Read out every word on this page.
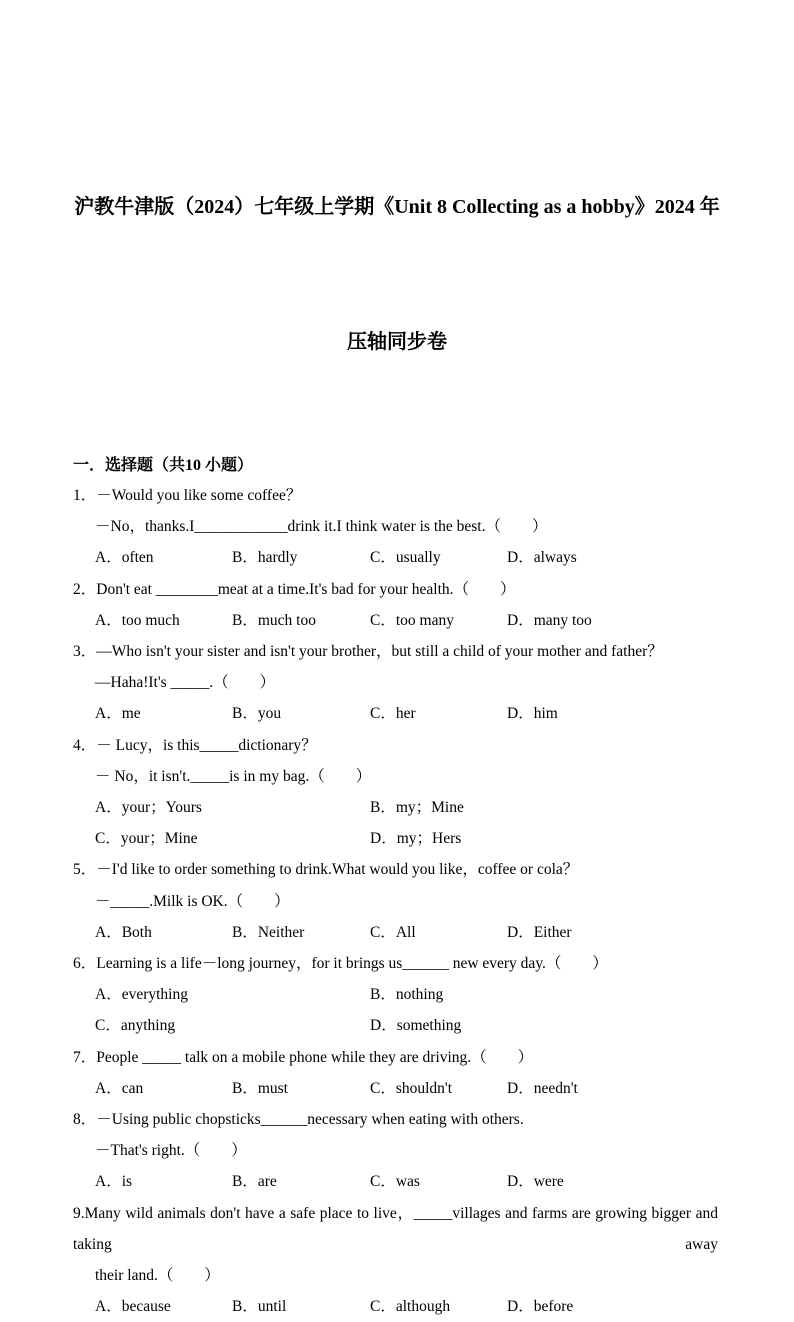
沪教牛津版（2024）七年级上学期《Unit 8 Collecting as a hobby》2024 年

压轴同步卷

一．选择题（共10 小题）
1．－Would you like some coffee？
－No，thanks.I____________drink it.I think water is the best.（　　）
A．often	B．hardly	C．usually	D．always
2．Don't eat ________meat at a time.It's bad for your health.（　　）
A．too much	B．much too	C．too many	D．many too
3．—Who isn't your sister and isn't your brother，but still a child of your mother and father？
—Haha!It's _____.（　　）
A．me	B．you	C．her	D．him
4．－ Lucy，is this_____dictionary？
－ No，it isn't._____is in my bag.（　　）
A．your；Yours	B．my；Mine
C．your；Mine	D．my；Hers
5．－I'd like to order something to drink.What would you like，coffee or cola？
－_____.Milk is OK.（　　）
A．Both	B．Neither	C．All	D．Either
6．Learning is a life－long journey，for it brings us______ new every day.（　　）
A．everything	B．nothing
C．anything	D．something
7．People _____ talk on a mobile phone while they are driving.（　　）
A．can	B．must	C．shouldn't	D．needn't
8．－Using public chopsticks______necessary when eating with others.
－That's right.（　　）
A．is	B．are	C．was	D．were
9.Many wild animals don't have a safe place to live，_____villages and farms are growing bigger and taking away
their land.（　　）
A．because	B．until	C．although	D．before
